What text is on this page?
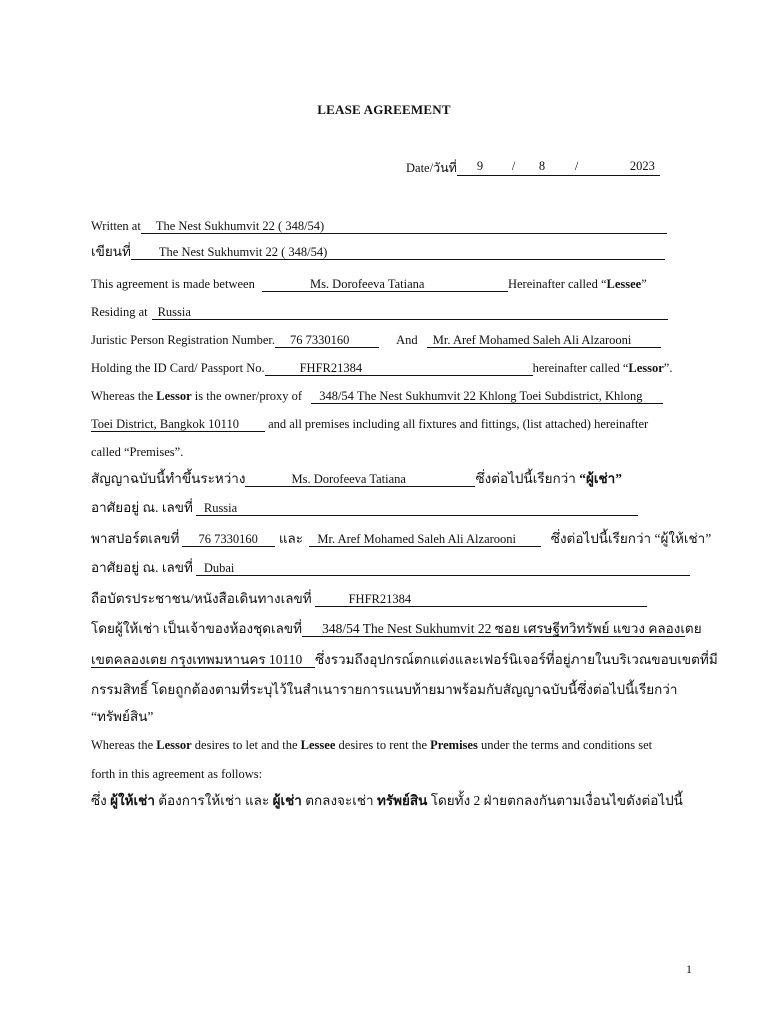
LEASE AGREEMENT
Date/วันที่ 9 / 8 /	2023

Written at The Nest Sukhumvit 22 ( 348/54)
เขียนที่ The Nest Sukhumvit 22 ( 348/54)
This agreement is made between	Ms. Dorofeeva Tatiana	Hereinafter called “Lessee”
Residing at Russia
Juristic Person Registration Number. 76 7330160	And Mr. Aref Mohamed Saleh Ali Alzarooni
Holding the ID Card/ Passport No.	FHFR21384	hereinafter called “Lessor”.
Whereas the Lessor is the owner/proxy of 348/54 The Nest Sukhumvit 22 Khlong Toei Subdistrict, Khlong
Toei District, Bangkok 10110 and all premises including all fixtures and fittings, (list attached) hereinafter
called “Premises”.
สัญญาฉบับนี้ทำขึ้นระหว่าง	Ms. Dorofeeva Tatiana	ซึ่งต่อไปนี้เรียกว่า “ผู้เช่า”
อาศัยอยู่ ณ. เลขที่ Russia
พาสปอร์ตเลขที่ 76 7330160 และ Mr. Aref Mohamed Saleh Ali Alzarooni	ซึ่งต่อไปนี้เรียกว่า “ผู้ให้เช่า”
อาศัยอยู่ ณ. เลขที่ Dubai
ถือบัตรประชาชน/หนังสือเดินทางเลขที่	FHFR21384
โดยผู้ให้เช่า เป็นเจ้าของห้องชุดเลขที่ 348/54 The Nest Sukhumvit 22 ซอย เศรษฐีทวิทรัพย์ แขวง คลองเตย
เขตคลองเตย กรุงเทพมหานคร 10110 ซึ่งรวมถึงอุปกรณ์ตกแต่งและเฟอร์นิเจอร์ที่อยู่ภายในบริเวณขอบเขตที่มี
กรรมสิทธิ์ โดยถูกต้องตามที่ระบุไว้ในสำเนารายการแนบท้ายมาพร้อมกับสัญญาฉบับนี้ซึ่งต่อไปนี้เรียกว่า
“ทรัพย์สิน”
Whereas the Lessor desires to let and the Lessee desires to rent the Premises under the terms and conditions set
forth in this agreement as follows:
ซึ่ง ผู้ให้เช่า ต้องการให้เช่า และ ผู้เช่า ตกลงจะเช่า ทรัพย์สิน โดยทั้ง 2 ฝ่ายตกลงกันตามเงื่อนไขดังต่อไปนี้
1
